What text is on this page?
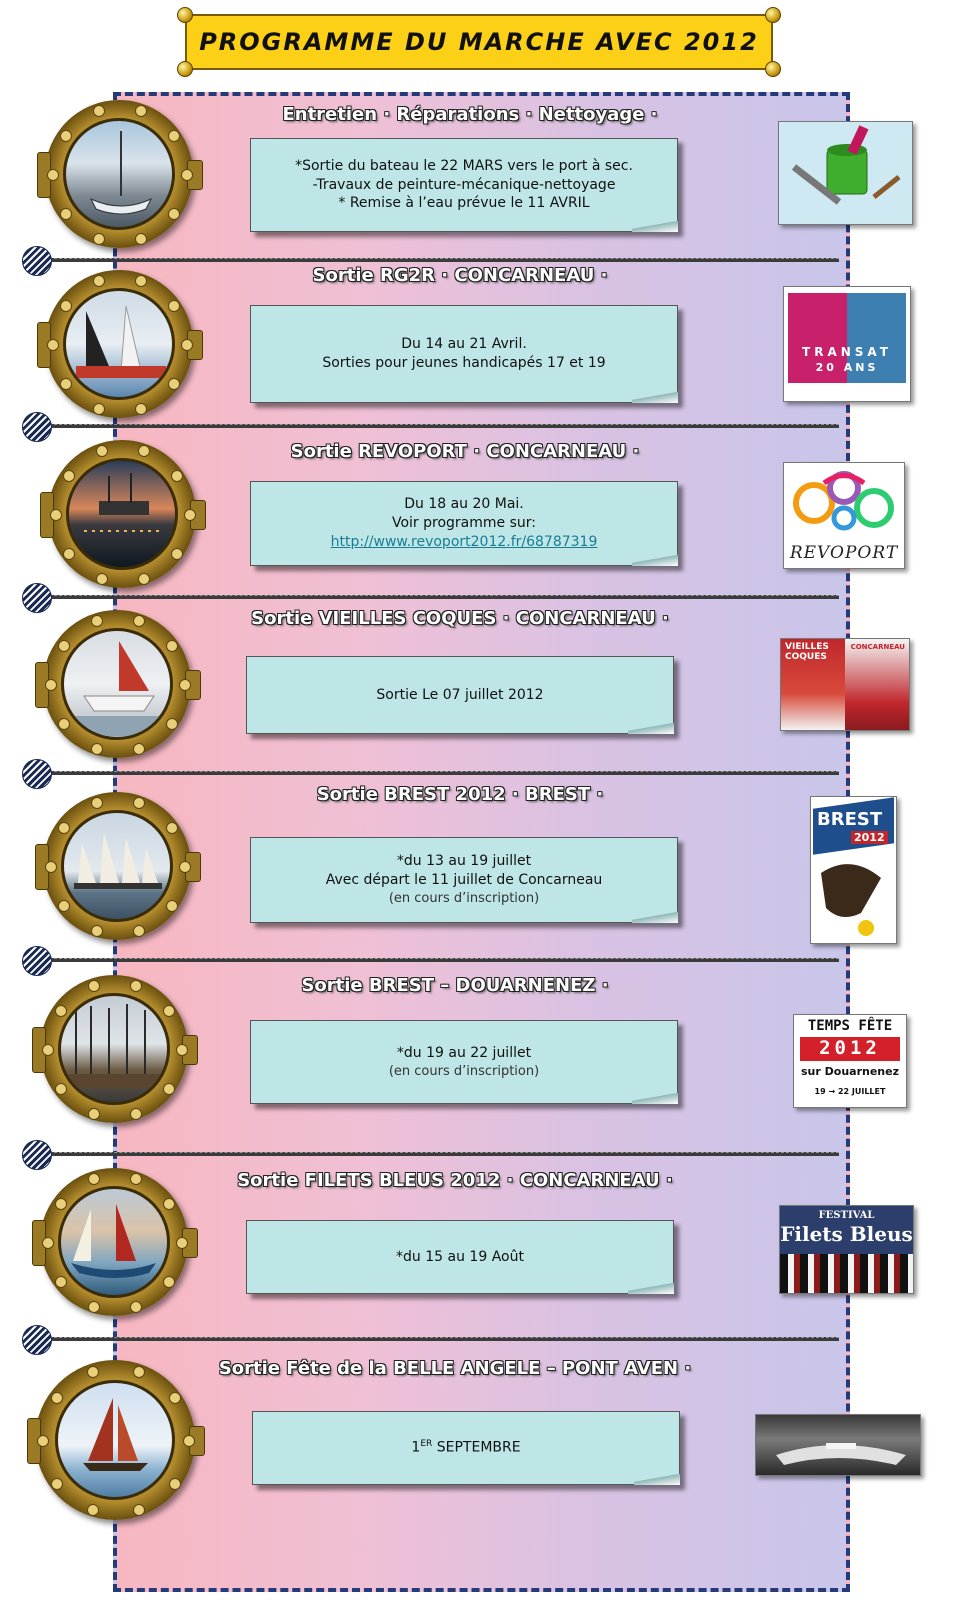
PROGRAMME DU MARCHE AVEC 2012
Entretien · Réparations · Nettoyage ·
*Sortie du bateau le 22 MARS vers le port à sec.
-Travaux de peinture-mécanique-nettoyage
* Remise à l’eau prévue le 11 AVRIL
Sortie RG2R · CONCARNEAU ·
Du 14 au 21 Avril.
Sorties pour jeunes handicapés 17 et 19
TRANSAT
20 ANS
Sortie REVOPORT · CONCARNEAU ·
Du 18 au 20 Mai.
Voir programme sur:
http://www.revoport2012.fr/68787319
REVOPORT
Sortie VIEILLES COQUES · CONCARNEAU ·
Sortie Le 07 juillet 2012
VIEILLES
COQUES
CONCARNEAU
Sortie BREST 2012 · BREST ·
*du 13 au 19 juillet
Avec départ le 11 juillet de Concarneau
(en cours d’inscription)
BREST
2012
Sortie BREST – DOUARNENEZ ·
*du 19 au 22 juillet
(en cours d’inscription)
TEMPS FÊTE
2012
sur Douarnenez
19 → 22 JUILLET
Sortie FILETS BLEUS 2012 · CONCARNEAU ·
*du 15 au 19 Août
FESTIVAL
Filets Bleus
Sortie Fête de la BELLE ANGELE – PONT AVEN ·
1ER SEPTEMBRE
